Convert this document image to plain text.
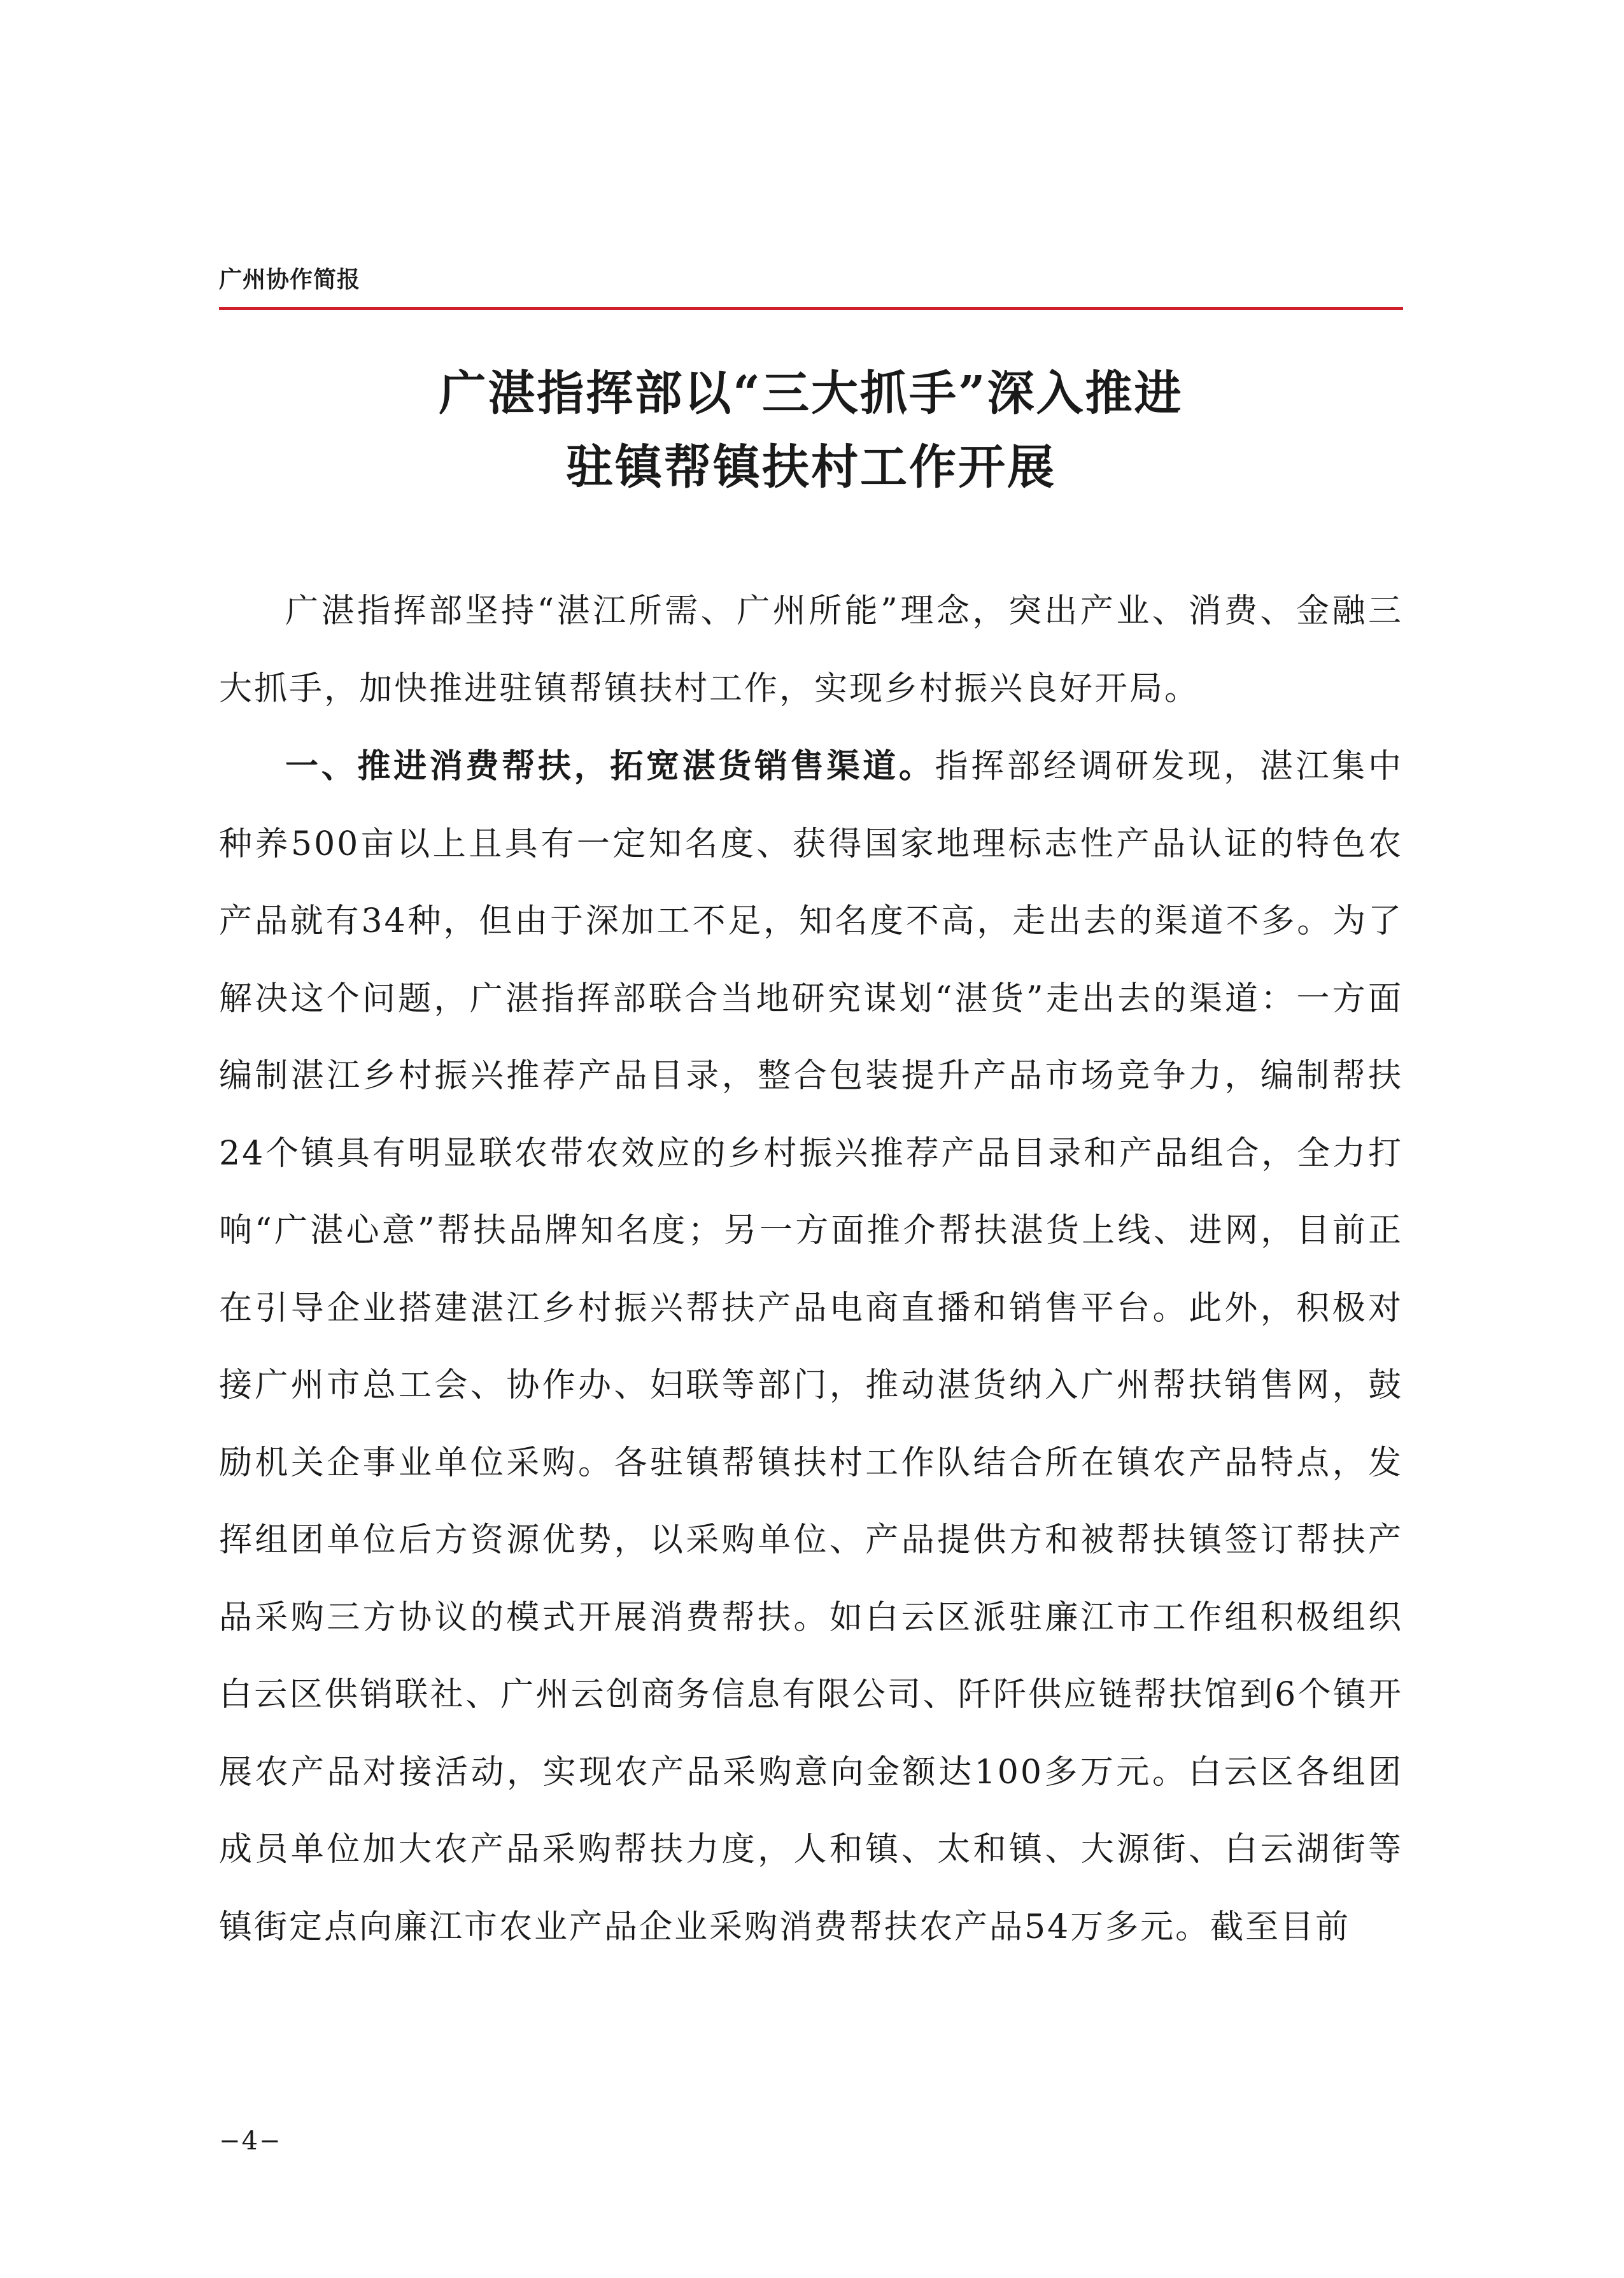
广州协作简报
广湛指挥部以“三大抓手”深入推进
驻镇帮镇扶村工作开展

广湛指挥部坚持“湛江所需、广州所能”理念，突出产业、消费、金融三大抓手，加快推进驻镇帮镇扶村工作，实现乡村振兴良好开局。

一、推进消费帮扶，拓宽湛货销售渠道。指挥部经调研发现，湛江集中种养500亩以上且具有一定知名度、获得国家地理标志性产品认证的特色农产品就有34种，但由于深加工不足，知名度不高，走出去的渠道不多。为了解决这个问题，广湛指挥部联合当地研究谋划“湛货”走出去的渠道：一方面编制湛江乡村振兴推荐产品目录，整合包装提升产品市场竞争力，编制帮扶24个镇具有明显联农带农效应的乡村振兴推荐产品目录和产品组合，全力打响“广湛心意”帮扶品牌知名度；另一方面推介帮扶湛货上线、进网，目前正在引导企业搭建湛江乡村振兴帮扶产品电商直播和销售平台。此外，积极对接广州市总工会、协作办、妇联等部门，推动湛货纳入广州帮扶销售网，鼓励机关企事业单位采购。各驻镇帮镇扶村工作队结合所在镇农产品特点，发挥组团单位后方资源优势，以采购单位、产品提供方和被帮扶镇签订帮扶产品采购三方协议的模式开展消费帮扶。如白云区派驻廉江市工作组积极组织白云区供销联社、广州云创商务信息有限公司、阡阡供应链帮扶馆到6个镇开展农产品对接活动，实现农产品采购意向金额达100多万元。白云区各组团成员单位加大农产品采购帮扶力度，人和镇、太和镇、大源街、白云湖街等镇街定点向廉江市农业产品企业采购消费帮扶农产品54万多元。截至目前

−4−
